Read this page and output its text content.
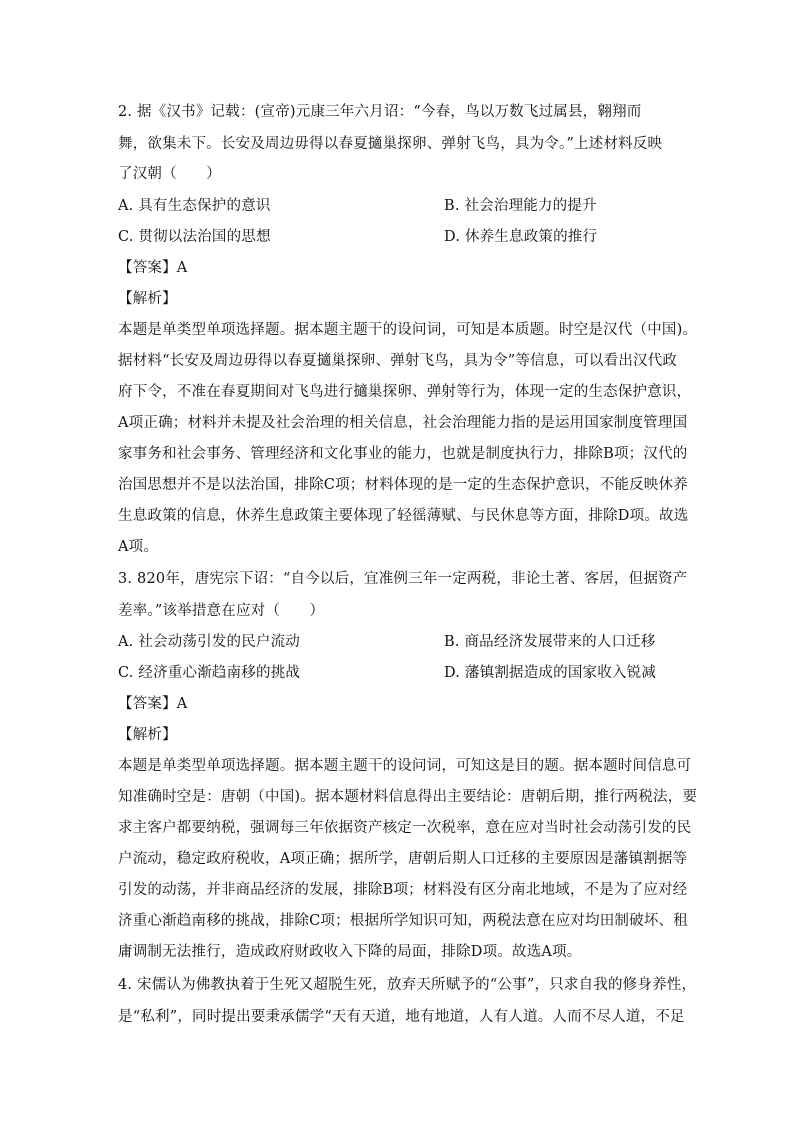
2. 据《汉书》记载：(宣帝)元康三年六月诏：“今春，鸟以万数飞过属县，翱翔而
舞，欲集未下。长安及周边毋得以春夏擿巢探卵、弹射飞鸟，具为令。”上述材料反映
了汉朝（　　）
A. 具有生态保护的意识	B. 社会治理能力的提升
C. 贯彻以法治国的思想	D. 休养生息政策的推行
【答案】A
【解析】
本题是单类型单项选择题。据本题主题干的设问词，可知是本质题。时空是汉代（中国)。
据材料“长安及周边毋得以春夏擿巢探卵、弹射飞鸟，具为令”等信息，可以看出汉代政
府下令，不准在春夏期间对飞鸟进行擿巢探卵、弹射等行为，体现一定的生态保护意识，
A项正确；材料并未提及社会治理的相关信息，社会治理能力指的是运用国家制度管理国
家事务和社会事务、管理经济和文化事业的能力，也就是制度执行力，排除B项；汉代的
治国思想并不是以法治国，排除C项；材料体现的是一定的生态保护意识，不能反映休养
生息政策的信息，休养生息政策主要体现了轻徭薄赋、与民休息等方面，排除D项。故选
A项。
3. 820年，唐宪宗下诏：“自今以后，宜准例三年一定两税，非论土著、客居，但据资产
差率。”该举措意在应对（　　）
A. 社会动荡引发的民户流动	B. 商品经济发展带来的人口迁移
C. 经济重心渐趋南移的挑战	D. 藩镇割据造成的国家收入锐减
【答案】A
【解析】
本题是单类型单项选择题。据本题主题干的设问词，可知这是目的题。据本题时间信息可
知准确时空是：唐朝（中国)。据本题材料信息得出主要结论：唐朝后期，推行两税法，要
求主客户都要纳税，强调每三年依据资产核定一次税率，意在应对当时社会动荡引发的民
户流动，稳定政府税收，A项正确；据所学，唐朝后期人口迁移的主要原因是藩镇割据等
引发的动荡，并非商品经济的发展，排除B项；材料没有区分南北地域，不是为了应对经
济重心渐趋南移的挑战，排除C项；根据所学知识可知，两税法意在应对均田制破坏、租
庸调制无法推行，造成政府财政收入下降的局面，排除D项。故选A项。
4. 宋儒认为佛教执着于生死又超脱生死，放弃天所赋予的“公事”，只求自我的修身养性，
是“私利”，同时提出要秉承儒学“天有天道，地有地道，人有人道。人而不尽人道，不足
